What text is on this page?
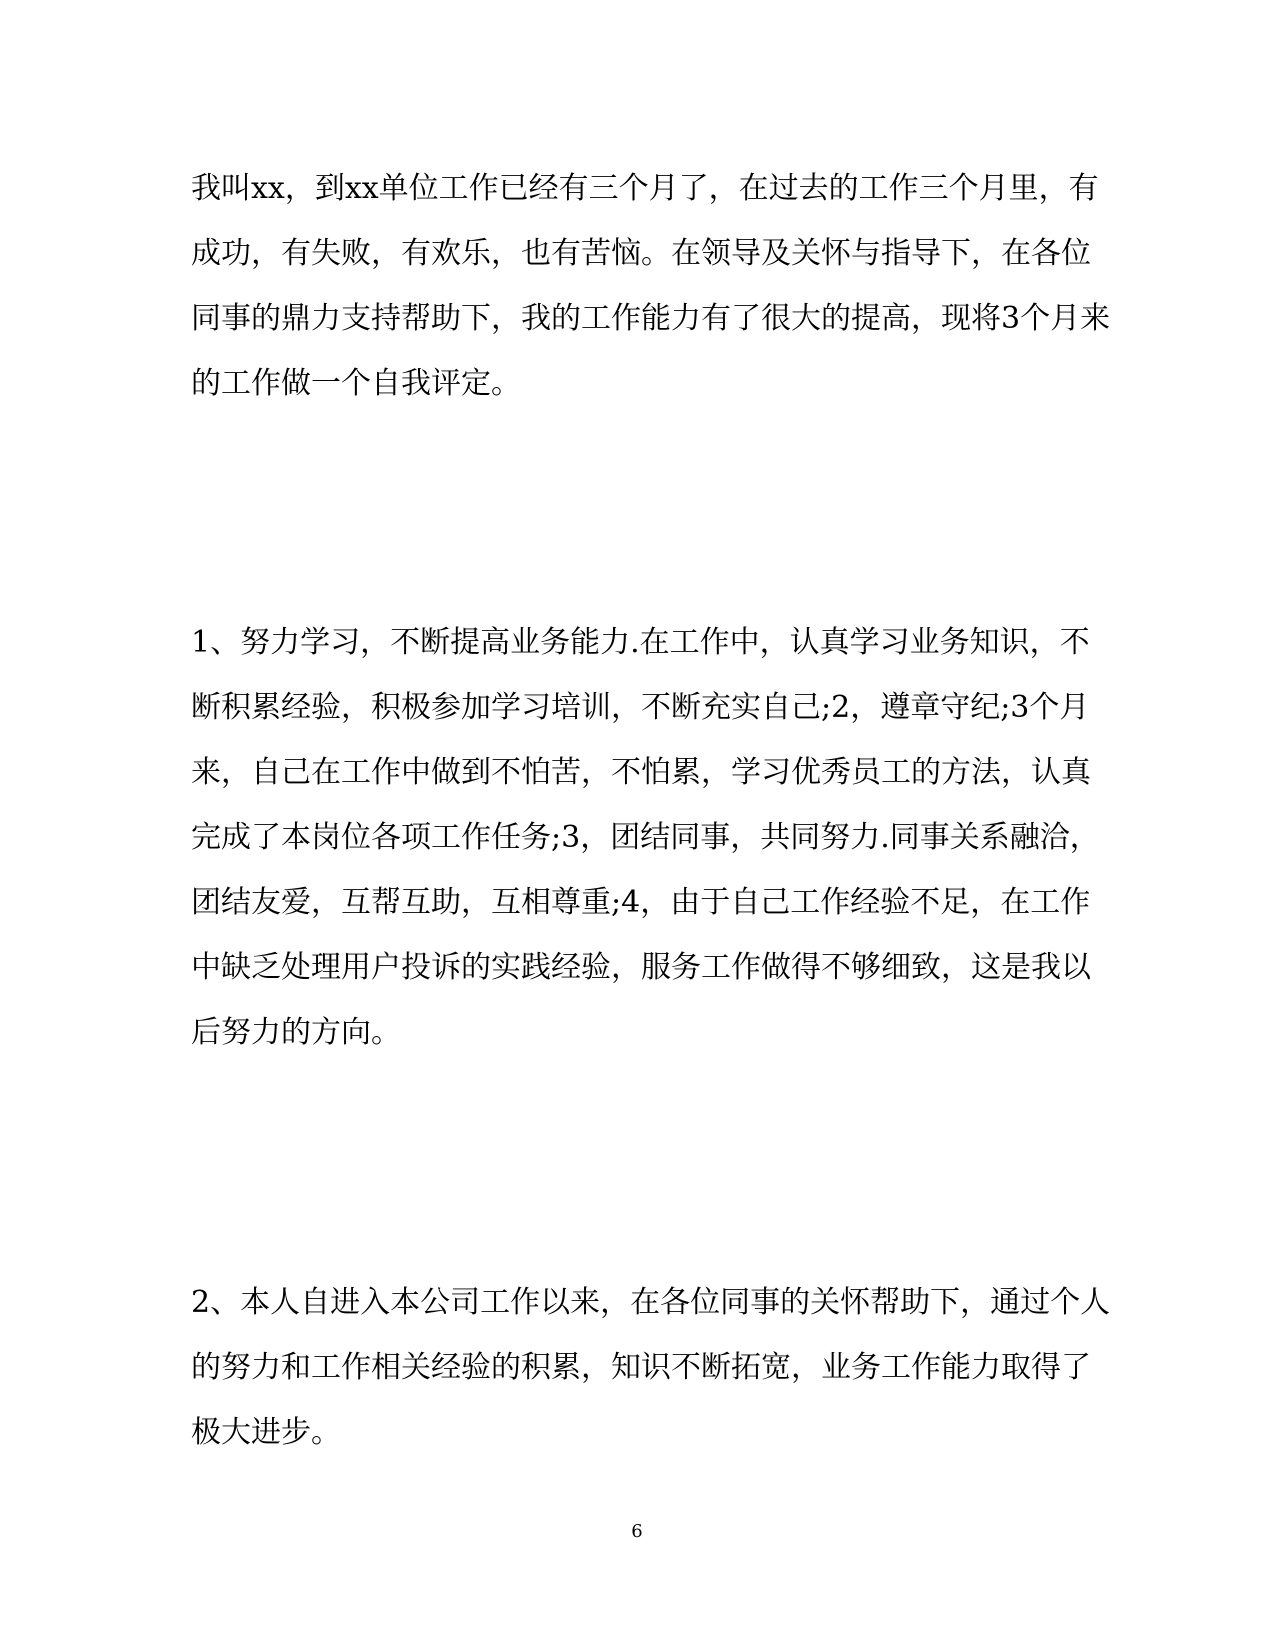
我叫xx，到xx单位工作已经有三个月了，在过去的工作三个月里，有
成功，有失败，有欢乐，也有苦恼。在领导及关怀与指导下，在各位
同事的鼎力支持帮助下，我的工作能力有了很大的提高，现将3个月来
的工作做一个自我评定。

1、努力学习，不断提高业务能力.在工作中，认真学习业务知识，不
断积累经验，积极参加学习培训，不断充实自己;2，遵章守纪;3个月
来，自己在工作中做到不怕苦，不怕累，学习优秀员工的方法，认真
完成了本岗位各项工作任务;3，团结同事，共同努力.同事关系融洽，
团结友爱，互帮互助，互相尊重;4，由于自己工作经验不足，在工作
中缺乏处理用户投诉的实践经验，服务工作做得不够细致，这是我以
后努力的方向。

2、本人自进入本公司工作以来，在各位同事的关怀帮助下，通过个人
的努力和工作相关经验的积累，知识不断拓宽，业务工作能力取得了
极大进步。

6
